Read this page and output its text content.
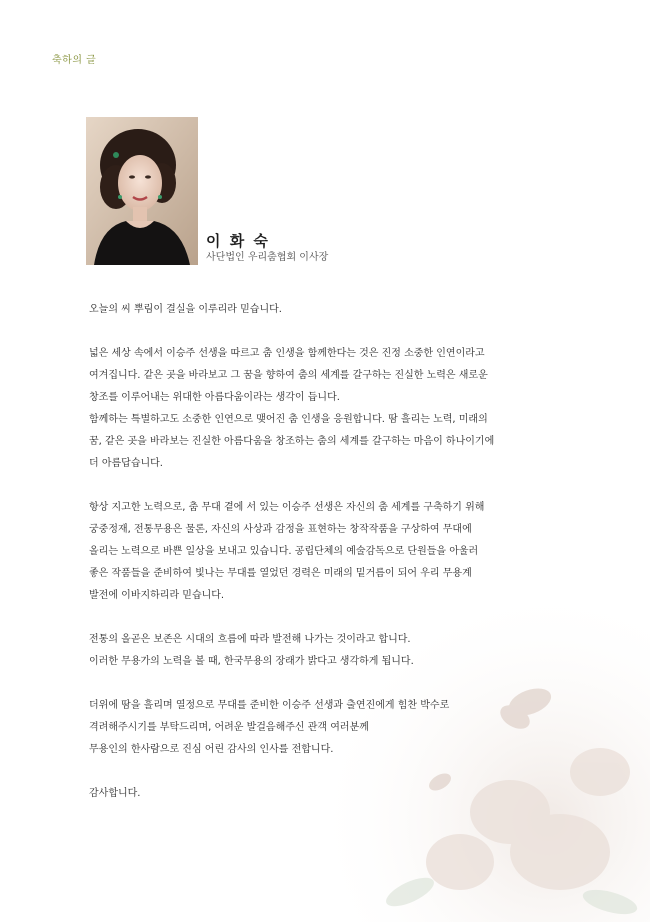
축하의 글
이 화 숙
사단법인 우리춤협회 이사장

오늘의 씨 뿌림이 결실을 이루리라 믿습니다.

넓은 세상 속에서 이승주 선생을 따르고 춤 인생을 함께한다는 것은 진정 소중한 인연이라고
여겨집니다. 같은 곳을 바라보고 그 꿈을 향하여 춤의 세계를 갈구하는 진실한 노력은 새로운
창조를 이루어내는 위대한 아름다움이라는 생각이 듭니다.
함께하는 특별하고도 소중한 인연으로 맺어진 춤 인생을 응원합니다. 땀 흘리는 노력, 미래의
꿈, 같은 곳을 바라보는 진실한 아름다움을 창조하는 춤의 세계를 갈구하는 마음이 하나이기에
더 아름답습니다.

항상 지고한 노력으로, 춤 무대 곁에 서 있는 이승주 선생은 자신의 춤 세계를 구축하기 위해
궁중정재, 전통무용은 물론, 자신의 사상과 감정을 표현하는 창작작품을 구상하여 무대에
올리는 노력으로 바쁜 일상을 보내고 있습니다. 공립단체의 예술감독으로 단원들을 아울러
좋은 작품들을 준비하여 빛나는 무대를 열었던 경력은 미래의 밑거름이 되어 우리 무용계
발전에 이바지하리라 믿습니다.

전통의 올곧은 보존은 시대의 흐름에 따라 발전해 나가는 것이라고 합니다.
이러한 무용가의 노력을 볼 때, 한국무용의 장래가 밝다고 생각하게 됩니다.

더위에 땀을 흘리며 열정으로 무대를 준비한 이승주 선생과 출연진에게 힘찬 박수로
격려해주시기를 부탁드리며, 어려운 발걸음해주신 관객 여러분께
무용인의 한사람으로 진심 어린 감사의 인사를 전합니다.

감사합니다.
